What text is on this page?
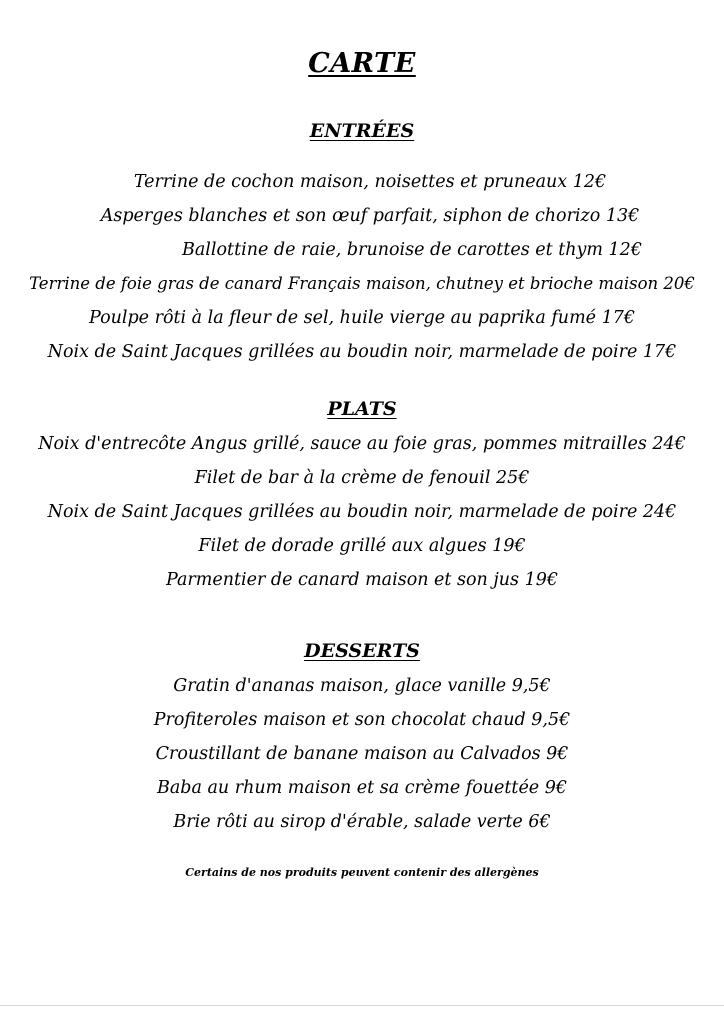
CARTE
ENTRÉES
Terrine de cochon maison, noisettes et pruneaux 12€
Asperges blanches et son œuf parfait, siphon de chorizo 13€
Ballottine de raie, brunoise de carottes et thym 12€
Terrine de foie gras de canard Français maison, chutney et brioche maison 20€
Poulpe rôti à la fleur de sel, huile vierge au paprika fumé 17€
Noix de Saint Jacques grillées au boudin noir, marmelade de poire 17€
PLATS
Noix d'entrecôte Angus grillé, sauce au foie gras, pommes mitrailles 24€
Filet de bar à la crème de fenouil 25€
Noix de Saint Jacques grillées au boudin noir, marmelade de poire 24€
Filet de dorade grillé aux algues 19€
Parmentier de canard maison et son jus 19€
DESSERTS
Gratin d'ananas maison, glace vanille 9,5€
Profiteroles maison et son chocolat chaud 9,5€
Croustillant de banane maison au Calvados 9€
Baba au rhum maison et sa crème fouettée 9€
Brie rôti au sirop d'érable, salade verte 6€
Certains de nos produits peuvent contenir des allergènes
